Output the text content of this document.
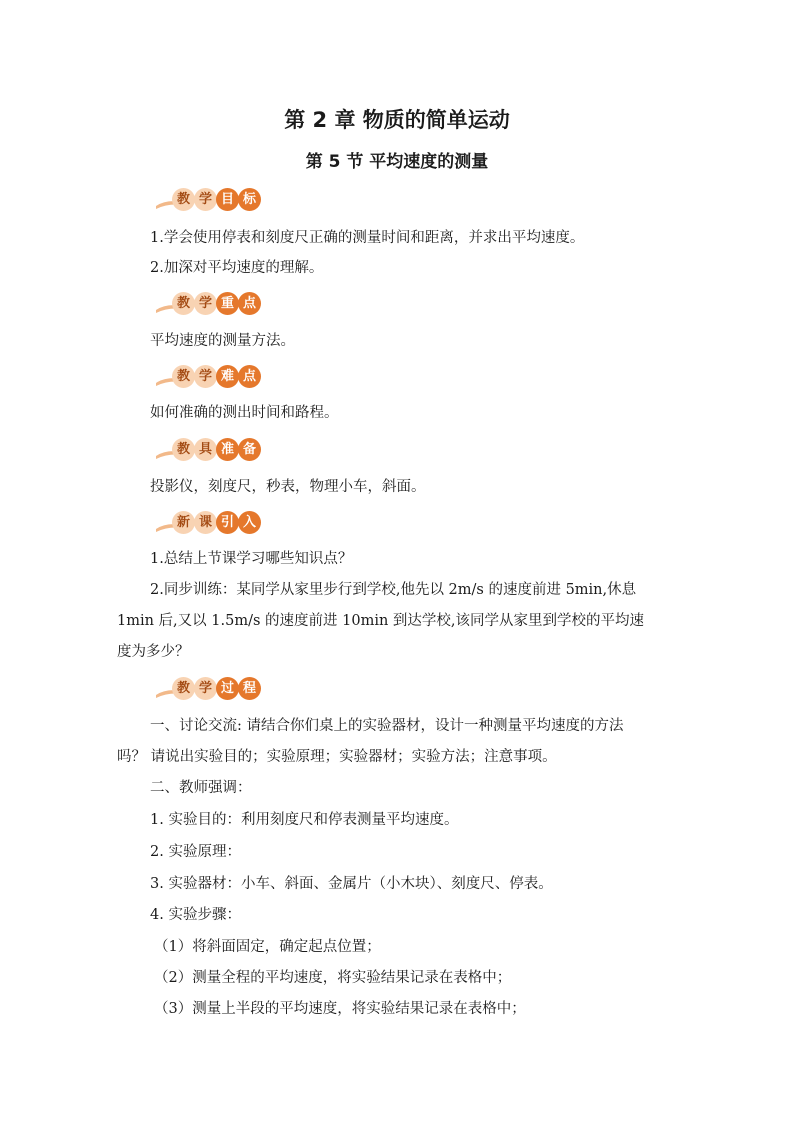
第 2 章 物质的简单运动
第 5 节 平均速度的测量
教 学 目 标
1.学会使用停表和刻度尺正确的测量时间和距离，并求出平均速度。
2.加深对平均速度的理解。
教 学 重 点
平均速度的测量方法。
教 学 难 点
如何准确的测出时间和路程。
教 具 准 备
投影仪，刻度尺，秒表，物理小车，斜面。
新 课 引 入
1.总结上节课学习哪些知识点？
2.同步训练：某同学从家里步行到学校,他先以 2m/s 的速度前进 5min,休息
1min 后,又以 1.5m/s 的速度前进 10min 到达学校,该同学从家里到学校的平均速
度为多少？
教 学 过 程
一、讨论交流: 请结合你们桌上的实验器材，设计一种测量平均速度的方法
吗？ 请说出实验目的；实验原理；实验器材；实验方法；注意事项。
二、教师强调：
1. 实验目的：利用刻度尺和停表测量平均速度。
2. 实验原理：
3. 实验器材：小车、斜面、金属片（小木块）、刻度尺、停表。
4. 实验步骤：
（1）将斜面固定，确定起点位置；
（2）测量全程的平均速度，将实验结果记录在表格中；
（3）测量上半段的平均速度，将实验结果记录在表格中；
